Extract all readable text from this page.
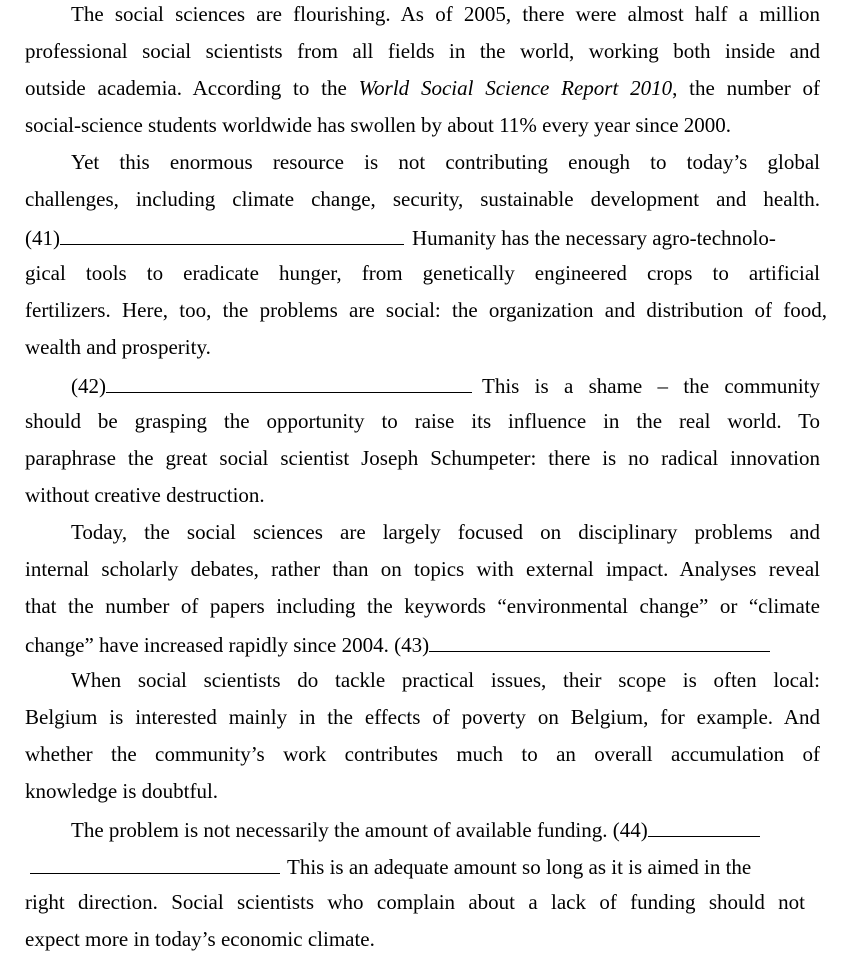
The social sciences are flourishing. As of 2005, there were almost half a million
professional social scientists from all fields in the world, working both inside and
outside academia. According to the World Social Science Report 2010, the number of
social-science students worldwide has swollen by about 11% every year since 2000.
Yet this enormous resource is not contributing enough to today’s global
challenges, including climate change, security, sustainable development and health.
(41)	Humanity has the necessary agro-technolo-
gical tools to eradicate hunger, from genetically engineered crops to artificial
fertilizers. Here, too, the problems are social: the organization and distribution of food,
wealth and prosperity.
(42)	This is a shame – the community
should be grasping the opportunity to raise its influence in the real world. To
paraphrase the great social scientist Joseph Schumpeter: there is no radical innovation
without creative destruction.
Today, the social sciences are largely focused on disciplinary problems and
internal scholarly debates, rather than on topics with external impact. Analyses reveal
that the number of papers including the keywords “environmental change” or “climate
change” have increased rapidly since 2004. (43)
When social scientists do tackle practical issues, their scope is often local:
Belgium is interested mainly in the effects of poverty on Belgium, for example. And
whether the community’s work contributes much to an overall accumulation of
knowledge is doubtful.
The problem is not necessarily the amount of available funding. (44)
This is an adequate amount so long as it is aimed in the
right direction. Social scientists who complain about a lack of funding should not
expect more in today’s economic climate.
